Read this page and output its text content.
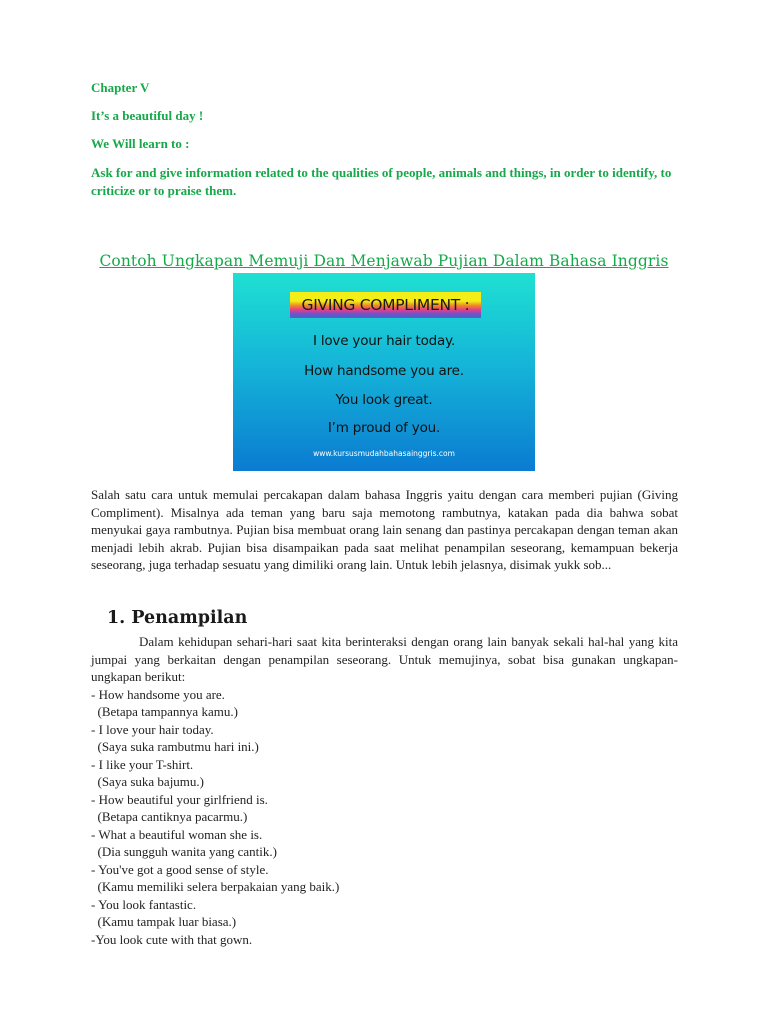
Chapter V
It’s a beautiful day !
We Will learn to :
Ask for and give information related to the qualities of people, animals and things, in order to identify, to criticize or to praise them.
Contoh Ungkapan Memuji Dan Menjawab Pujian Dalam Bahasa Inggris
GIVING COMPLIMENT :
I love your hair today.
How handsome you are.
You look great.
I’m proud of you.
www.kursusmudahbahasainggris.com

Salah satu cara untuk memulai percakapan dalam bahasa Inggris yaitu dengan cara memberi pujian (Giving Compliment). Misalnya ada teman yang baru saja memotong rambutnya, katakan pada dia bahwa sobat menyukai gaya rambutnya. Pujian bisa membuat orang lain senang dan pastinya percakapan dengan teman akan menjadi lebih akrab. Pujian bisa disampaikan pada saat melihat penampilan seseorang, kemampuan bekerja seseorang, juga terhadap sesuatu yang dimiliki orang lain. Untuk lebih jelasnya, disimak yukk sob...

1. Penampilan

Dalam kehidupan sehari-hari saat kita berinteraksi dengan orang lain banyak sekali hal-hal yang kita jumpai yang berkaitan dengan penampilan seseorang. Untuk memujinya, sobat bisa gunakan ungkapan-ungkapan berikut:

- How handsome you are.
(Betapa tampannya kamu.)
- I love your hair today.
(Saya suka rambutmu hari ini.)
- I like your T-shirt.
(Saya suka bajumu.)
- How beautiful your girlfriend is.
(Betapa cantiknya pacarmu.)
- What a beautiful woman she is.
(Dia sungguh wanita yang cantik.)
- You've got a good sense of style.
(Kamu memiliki selera berpakaian yang baik.)
- You look fantastic.
(Kamu tampak luar biasa.)
-You look cute with that gown.
